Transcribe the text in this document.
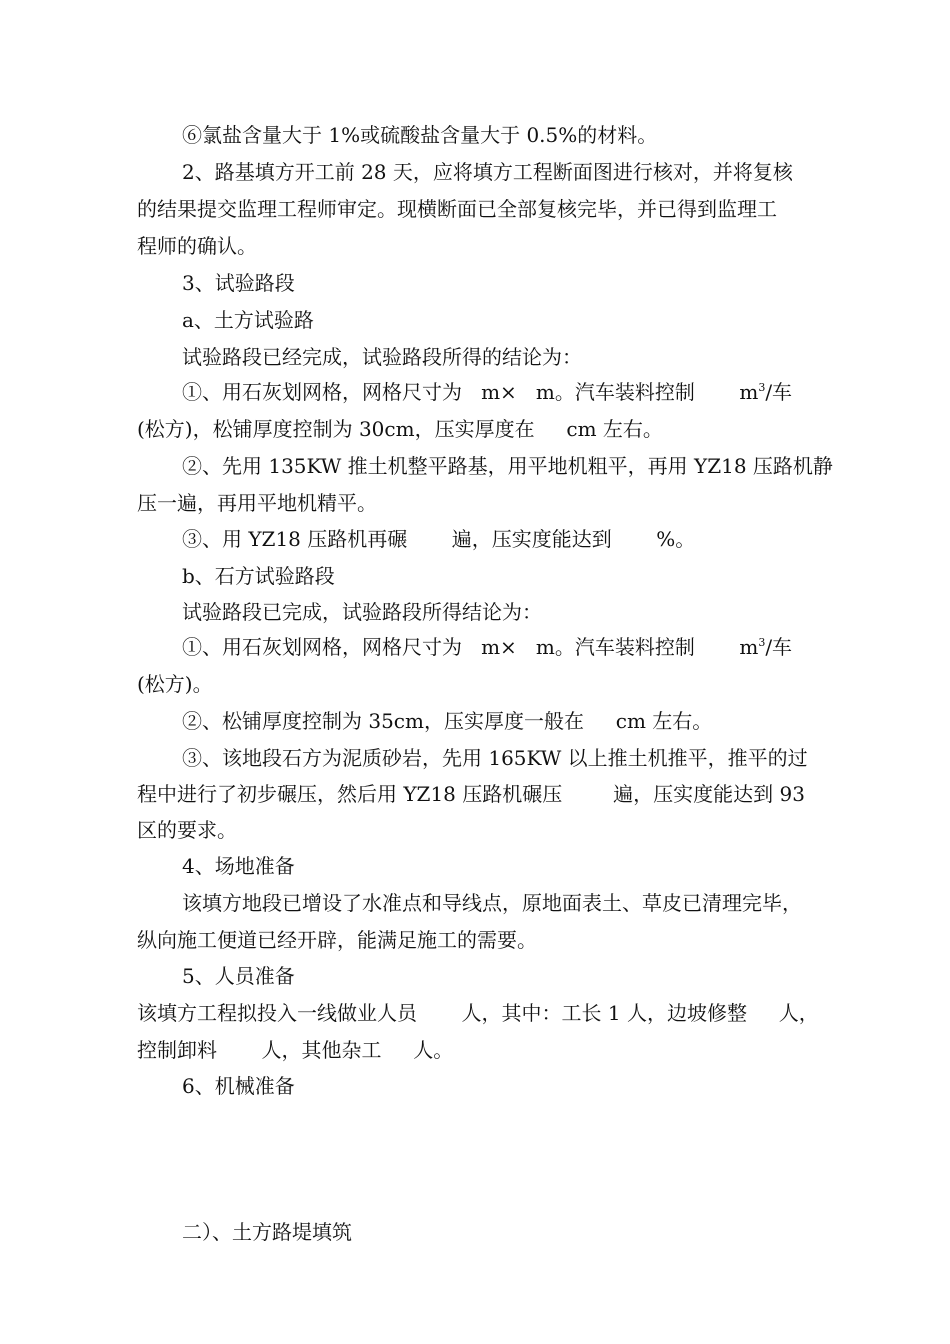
⑥氯盐含量大于 1%或硫酸盐含量大于 0.5%的材料。
2、路基填方开工前 28 天，应将填方工程断面图进行核对，并将复核
的结果提交监理工程师审定。现横断面已全部复核完毕，并已得到监理工
程师的确认。
3、试验路段
a、土方试验路
试验路段已经完成，试验路段所得的结论为：
①、用石灰划网格，网格尺寸为   m×   m。汽车装料控制       $m^3/$车
(松方)，松铺厚度控制为 30cm，压实厚度在     cm 左右。
②、先用 135KW 推土机整平路基，用平地机粗平，再用 YZ18 压路机静
压一遍，再用平地机精平。
③、用 YZ18 压路机再碾       遍，压实度能达到       %。
b、石方试验路段
试验路段已完成，试验路段所得结论为：
①、用石灰划网格，网格尺寸为   m×   m。汽车装料控制       $m^3/$车
(松方)。
②、松铺厚度控制为 35cm，压实厚度一般在     cm 左右。
③、该地段石方为泥质砂岩，先用 165KW 以上推土机推平，推平的过
程中进行了初步碾压，然后用 YZ18 压路机碾压        遍，压实度能达到 93
区的要求。
4、场地准备
该填方地段已增设了水准点和导线点，原地面表土、草皮已清理完毕，
纵向施工便道已经开辟，能满足施工的需要。
5、人员准备
该填方工程拟投入一线做业人员       人，其中：工长 1 人，边坡修整     人，
控制卸料       人，其他杂工     人。
6、机械准备
二）、土方路堤填筑
